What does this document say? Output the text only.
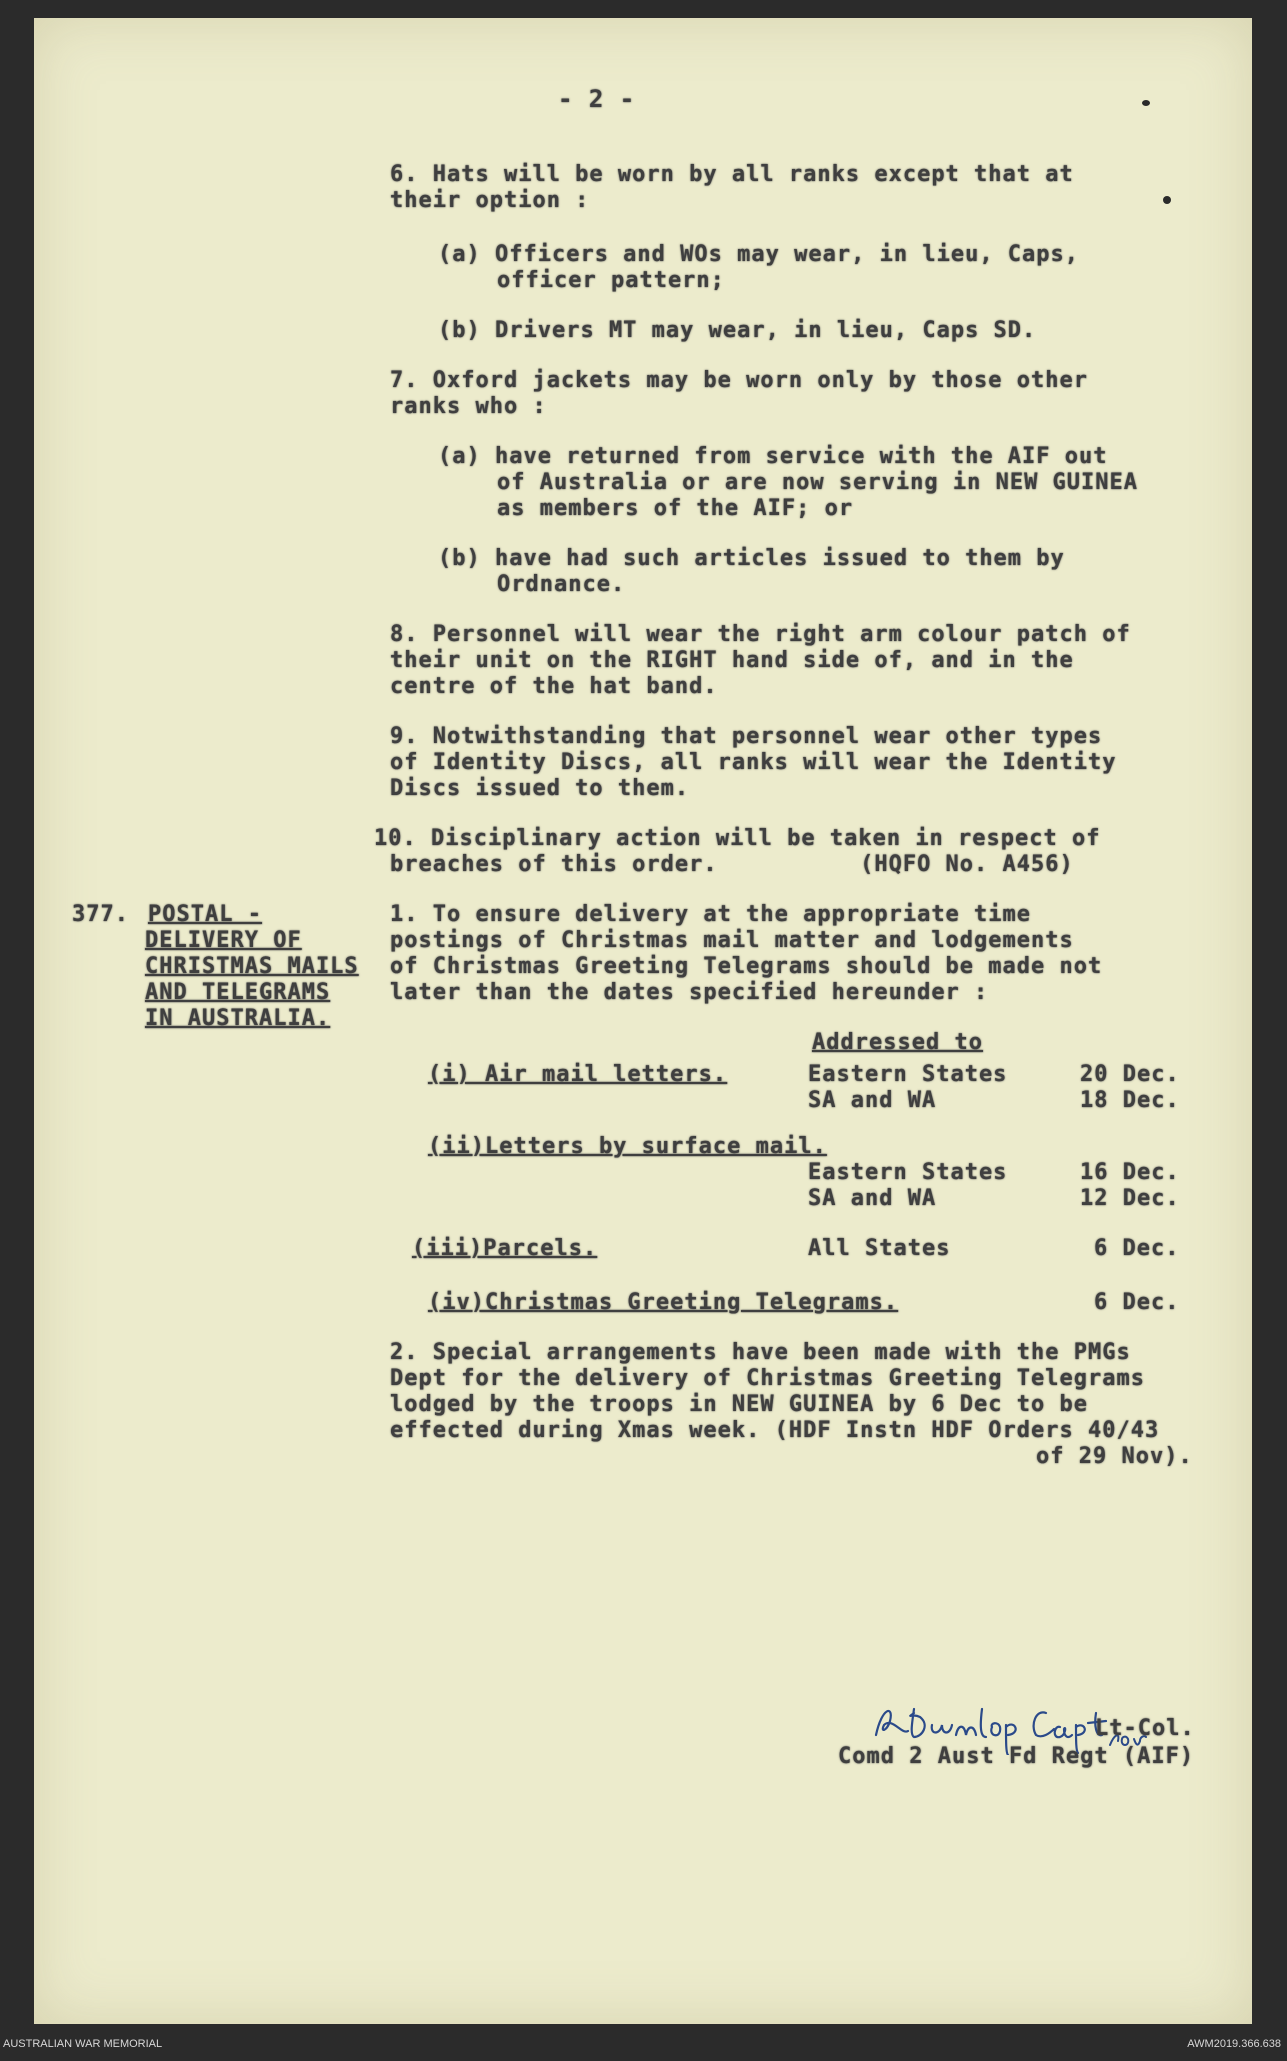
- 2 -
6. Hats will be worn by all ranks except that at
their option :
(a) Officers and WOs may wear, in lieu, Caps,
officer pattern;
(b) Drivers MT may wear, in lieu, Caps SD.
7. Oxford jackets may be worn only by those other
ranks who :
(a) have returned from service with the AIF out
of Australia or are now serving in NEW GUINEA
as members of the AIF; or
(b) have had such articles issued to them by
Ordnance.
8. Personnel will wear the right arm colour patch of
their unit on the RIGHT hand side of, and in the
centre of the hat band.
9. Notwithstanding that personnel wear other types
of Identity Discs, all ranks will wear the Identity
Discs issued to them.
10. Disciplinary action will be taken in respect of
breaches of this order.          (HQFO No. A456)
377. POSTAL -
DELIVERY OF
CHRISTMAS MAILS
AND TELEGRAMS
IN AUSTRALIA.
1. To ensure delivery at the appropriate time
postings of Christmas mail matter and lodgements
of Christmas Greeting Telegrams should be made not
later than the dates specified hereunder :
Addressed to
(i) Air mail letters.	Eastern States	20 Dec.
SA and WA	18 Dec.
(ii)Letters by surface mail.
Eastern States	16 Dec.
SA and WA	12 Dec.
(iii)Parcels.	All States	6 Dec.
(iv)Christmas Greeting Telegrams.	6 Dec.
2. Special arrangements have been made with the PMGs
Dept for the delivery of Christmas Greeting Telegrams
lodged by the troops in NEW GUINEA by 6 Dec to be
effected during Xmas week. (HDF Instn HDF Orders 40/43
of 29 Nov).
Lt-Col.
Comd 2 Aust Fd Regt (AIF)
AUSTRALIAN WAR MEMORIAL	AWM2019.366.638
